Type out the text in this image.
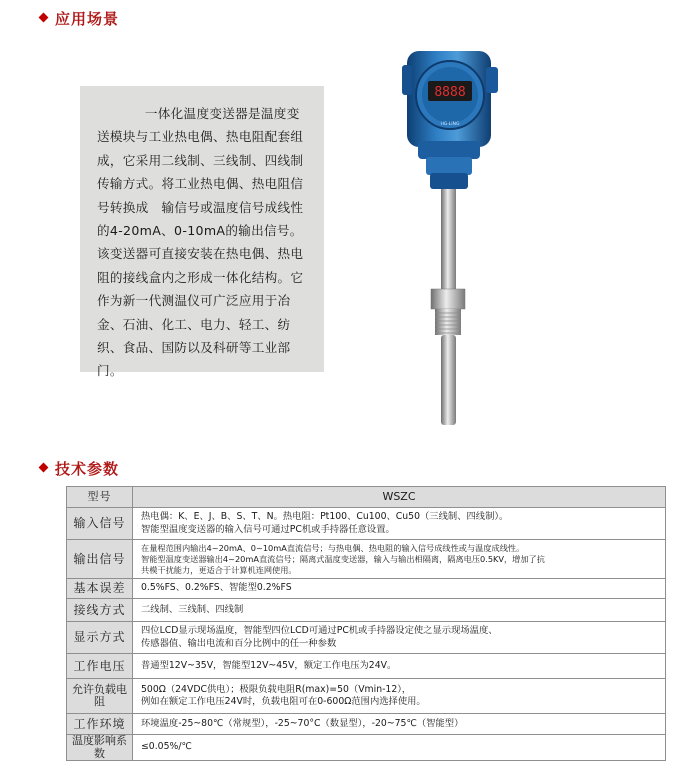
应用场景
一体化温度变送器是温度变送模块与工业热电偶、热电阻配套组成，它采用二线制、三线制、四线制传输方式。将工业热电偶、热电阻信号转换成　输信号或温度信号成线性的4-20mA、0-10mA的输出信号。该变送器可直接安装在热电偶、热电阻的接线盒内之形成一体化结构。它作为新一代测温仪可广泛应用于冶金、石油、化工、电力、轻工、纺织、食品、国防以及科研等工业部门。
8888
HG·LING
技术参数
型号	WSZC
输入信号	热电偶：K、E、J、B、S、T、N。热电阻：Pt100、Cu100、Cu50（三线制、四线制）。
智能型温度变送器的输入信号可通过PC机或手持器任意设置。

输出信号	在量程范围内输出4~20mA、0~10mA直流信号；与热电偶、热电阻的输入信号成线性或与温度成线性。
智能型温度变送器输出4~20mA直流信号；隔离式温度变送器，输入与输出相隔离，隔离电压0.5KV，增加了抗
共模干扰能力，更适合于计算机连网使用。

基本误差	0.5%FS、0.2%FS、智能型0.2%FS
接线方式	二线制、三线制、四线制
显示方式	四位LCD显示现场温度，智能型四位LCD可通过PC机或手持器设定使之显示现场温度、
传感器值、输出电流和百分比例中的任一种参数

工作电压	普通型12V~35V，智能型12V~45V，额定工作电压为24V。
允许负载电阻	500Ω（24VDC供电）；极限负载电阻R(max)=50（Vmin-12），
例如在额定工作电压24V时，负载电阻可在0-600Ω范围内选择使用。

工作环境	环境温度-25~80℃（常规型），-25~70°C（数显型），-20~75℃（智能型）
温度影响系数	≤0.05%/℃
